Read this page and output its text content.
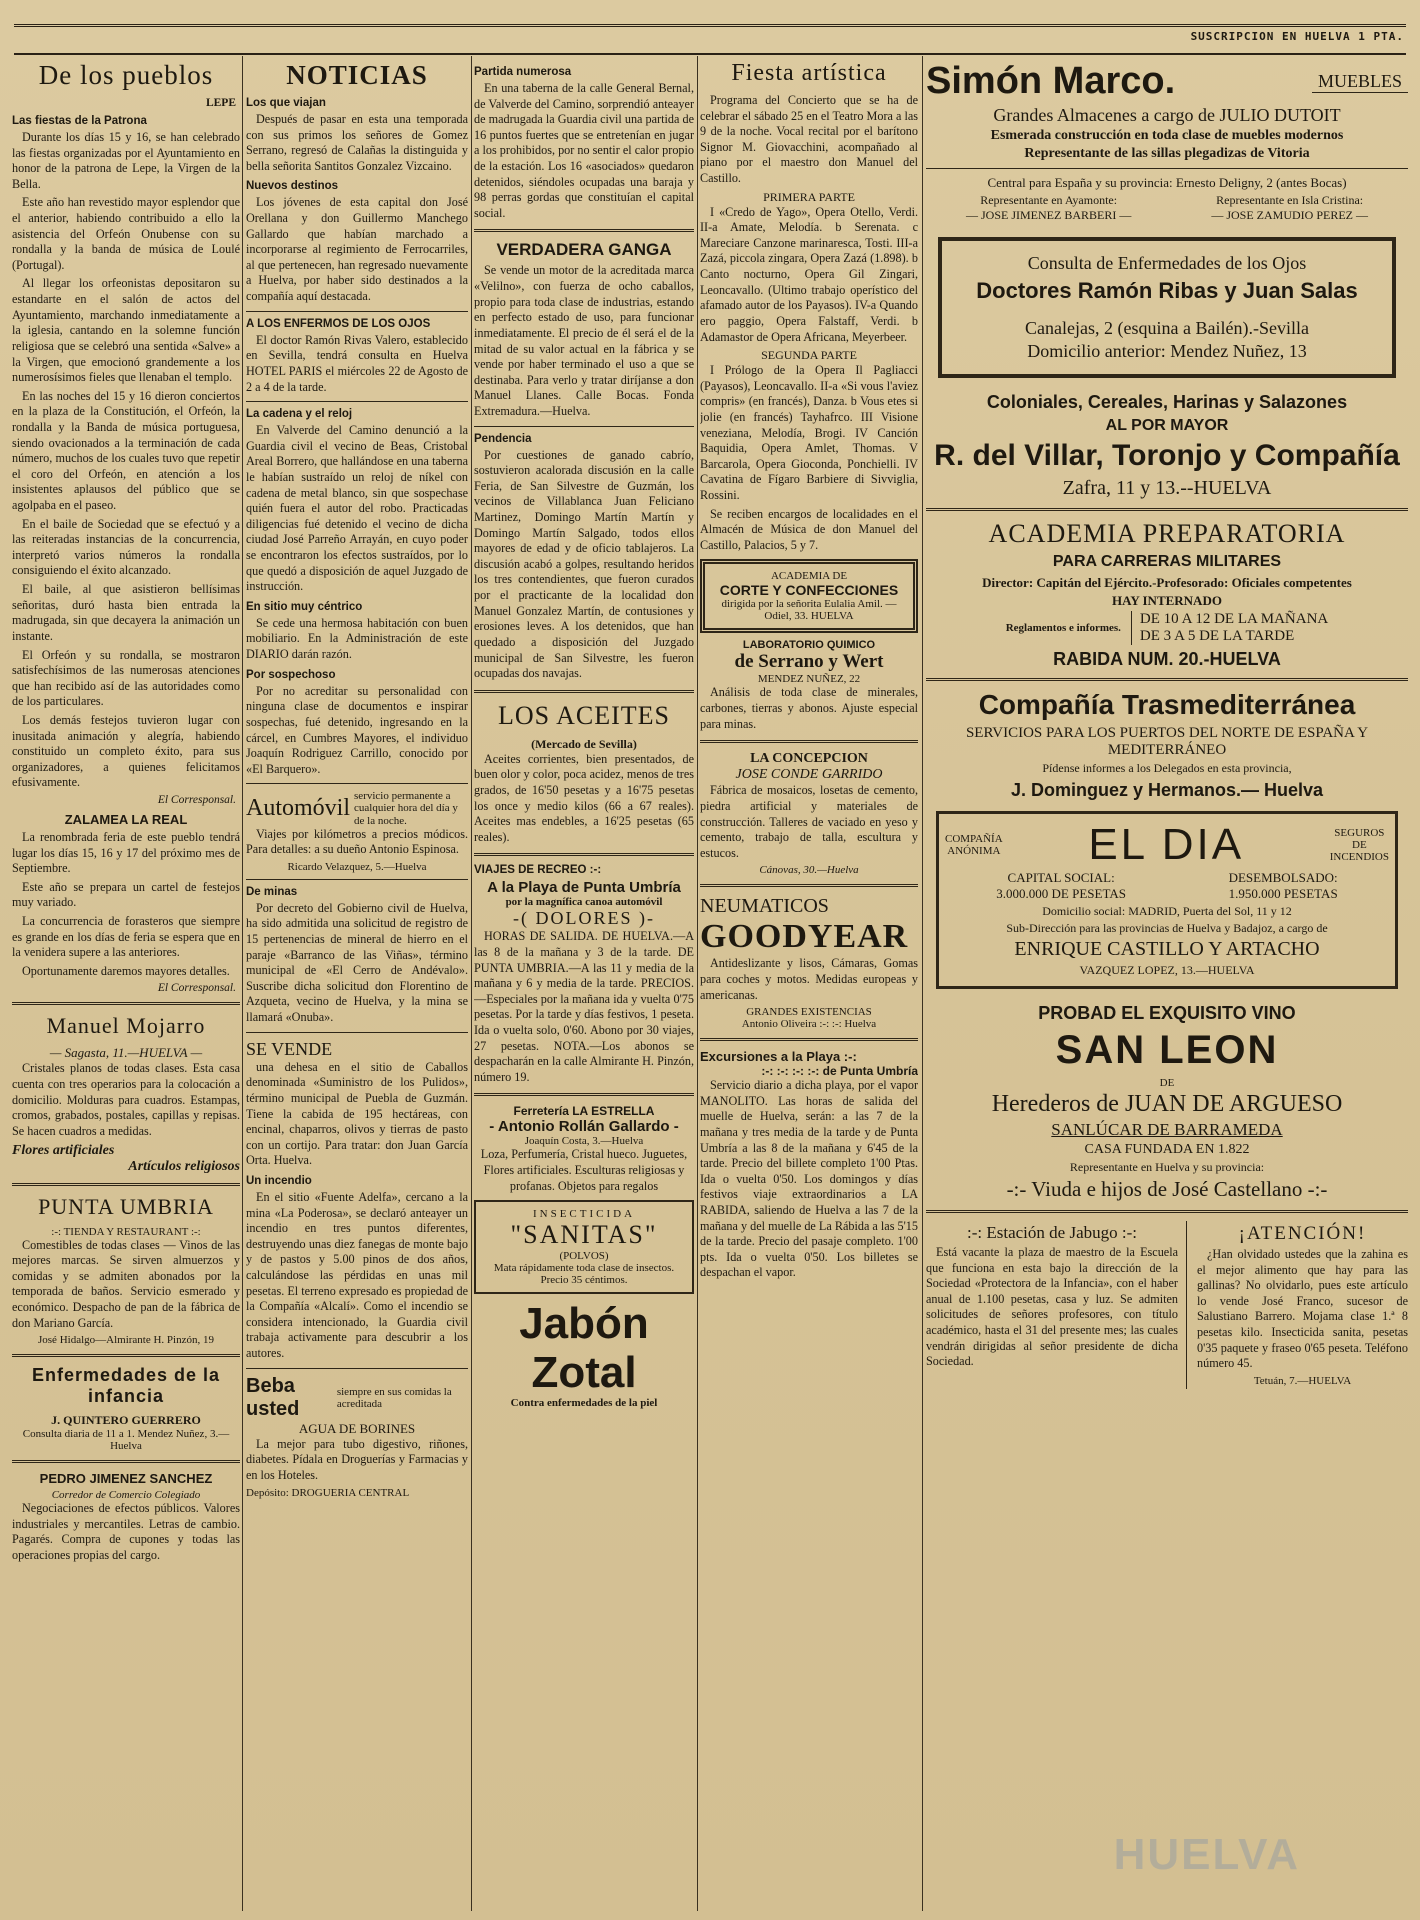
SUSCRIPCION EN HUELVA 1 PTA.
De los pueblos
LEPE
Las fiestas de la Patrona

Durante los días 15 y 16, se han celebrado las fiestas organizadas por el Ayuntamiento en honor de la patrona de Lepe, la Virgen de la Bella.

Este año han revestido mayor esplendor que el anterior, habiendo contribuido a ello la asistencia del Orfeón Onubense con su rondalla y la banda de música de Loulé (Portugal).

Al llegar los orfeonistas depositaron su estandarte en el salón de actos del Ayuntamiento, marchando inmediatamente a la iglesia, cantando en la solemne función religiosa que se celebró una sentida «Salve» a la Virgen, que emocionó grandemente a los numerosísimos fieles que llenaban el templo.

En las noches del 15 y 16 dieron conciertos en la plaza de la Constitución, el Orfeón, la rondalla y la Banda de música portuguesa, siendo ovacionados a la terminación de cada número, muchos de los cuales tuvo que repetir el coro del Orfeón, en atención a los insistentes aplausos del público que se agolpaba en el paseo.

En el baile de Sociedad que se efectuó y a las reiteradas instancias de la concurrencia, interpretó varios números la rondalla consiguiendo el éxito alcanzado.

El baile, al que asistieron bellísimas señoritas, duró hasta bien entrada la madrugada, sin que decayera la animación un instante.

El Orfeón y su rondalla, se mostraron satisfechísimos de las numerosas atenciones que han recibido así de las autoridades como de los particulares.

Los demás festejos tuvieron lugar con inusitada animación y alegría, habiendo constituido un completo éxito, para sus organizadores, a quienes felicitamos efusivamente.

El Corresponsal.
ZALAMEA LA REAL

La renombrada feria de este pueblo tendrá lugar los días 15, 16 y 17 del próximo mes de Septiembre.

Este año se prepara un cartel de festejos muy variado.

La concurrencia de forasteros que siempre es grande en los días de feria se espera que en la venidera supere a las anteriores.

Oportunamente daremos mayores detalles.

El Corresponsal.
Manuel Mojarro
— Sagasta, 11.—HUELVA —

Cristales planos de todas clases. Esta casa cuenta con tres operarios para la colocación a domicilio. Molduras para cuadros. Estampas, cromos, grabados, postales, capillas y repisas. Se hacen cuadros a medidas.

Flores artificiales
Artículos religiosos
PUNTA UMBRIA
:-: TIENDA Y RESTAURANT :-:

Comestibles de todas clases — Vinos de las mejores marcas. Se sirven almuerzos y comidas y se admiten abonados por la temporada de baños. Servicio esmerado y económico. Despacho de pan de la fábrica de don Mariano García.

José Hidalgo—Almirante H. Pinzón, 19
Enfermedades de la infancia
J. QUINTERO GUERRERO
Consulta diaria de 11 a 1. Mendez Nuñez, 3.—Huelva
PEDRO JIMENEZ SANCHEZ
Corredor de Comercio Colegiado

Negociaciones de efectos públicos. Valores industriales y mercantiles. Letras de cambio. Pagarés. Compra de cupones y todas las operaciones propias del cargo.

NOTICIAS
Los que viajan

Después de pasar en esta una temporada con sus primos los señores de Gomez Serrano, regresó de Calañas la distinguida y bella señorita Santitos Gonzalez Vizcaino.

Nuevos destinos

Los jóvenes de esta capital don José Orellana y don Guillermo Manchego Gallardo que habían marchado a incorporarse al regimiento de Ferrocarriles, al que pertenecen, han regresado nuevamente a Huelva, por haber sido destinados a la compañía aquí destacada.

A LOS ENFERMOS DE LOS OJOS

El doctor Ramón Rivas Valero, establecido en Sevilla, tendrá consulta en Huelva HOTEL PARIS el miércoles 22 de Agosto de 2 a 4 de la tarde.

La cadena y el reloj

En Valverde del Camino denunció a la Guardia civil el vecino de Beas, Cristobal Areal Borrero, que hallándose en una taberna le habían sustraído un reloj de níkel con cadena de metal blanco, sin que sospechase quién fuera el autor del robo. Practicadas diligencias fué detenido el vecino de dicha ciudad José Parreño Arrayán, en cuyo poder se encontraron los efectos sustraídos, por lo que quedó a disposición de aquel Juzgado de instrucción.

En sitio muy céntrico

Se cede una hermosa habitación con buen mobiliario. En la Administración de este DIARIO darán razón.

Por sospechoso

Por no acreditar su personalidad con ninguna clase de documentos e inspirar sospechas, fué detenido, ingresando en la cárcel, en Cumbres Mayores, el individuo Joaquín Rodriguez Carrillo, conocido por «El Barquero».

Automóvil servicio permanente a cualquier hora del día y de la noche.

Viajes por kilómetros a precios módicos. Para detalles: a su dueño Antonio Espinosa.

Ricardo Velazquez, 5.—Huelva
De minas

Por decreto del Gobierno civil de Huelva, ha sido admitida una solicitud de registro de 15 pertenencias de mineral de hierro en el paraje «Barranco de las Viñas», término municipal de «El Cerro de Andévalo». Suscribe dicha solicitud don Florentino de Azqueta, vecino de Huelva, y la mina se llamará «Onuba».

SE VENDE

una dehesa en el sitio de Caballos denominada «Suministro de los Pulidos», término municipal de Puebla de Guzmán. Tiene la cabida de 195 hectáreas, con encinal, chaparros, olivos y tierras de pasto con un cortijo. Para tratar: don Juan García Orta. Huelva.

Un incendio

En el sitio «Fuente Adelfa», cercano a la mina «La Poderosa», se declaró anteayer un incendio en tres puntos diferentes, destruyendo unas diez fanegas de monte bajo y de pastos y 5.00 pinos de dos años, calculándose las pérdidas en unas mil pesetas. El terreno expresado es propiedad de la Compañía «Alcalí». Como el incendio se considera intencionado, la Guardia civil trabaja activamente para descubrir a los autores.

Beba usted
siempre en sus comidas la acreditada
AGUA DE BORINES

La mejor para tubo digestivo, riñones, diabetes. Pídala en Droguerías y Farmacias y en los Hoteles.

Depósito: DROGUERIA CENTRAL
Partida numerosa

En una taberna de la calle General Bernal, de Valverde del Camino, sorprendió anteayer de madrugada la Guardia civil una partida de 16 puntos fuertes que se entretenían en jugar a los prohibidos, por no sentir el calor propio de la estación. Los 16 «asociados» quedaron detenidos, siéndoles ocupadas una baraja y 98 perras gordas que constituían el capital social.

VERDADERA GANGA

Se vende un motor de la acreditada marca «Velilno», con fuerza de ocho caballos, propio para toda clase de industrias, estando en perfecto estado de uso, para funcionar inmediatamente. El precio de él será el de la mitad de su valor actual en la fábrica y se vende por haber terminado el uso a que se destinaba. Para verlo y tratar diríjanse a don Manuel Llanes. Calle Bocas. Fonda Extremadura.—Huelva.

Pendencia

Por cuestiones de ganado cabrío, sostuvieron acalorada discusión en la calle Feria, de San Silvestre de Guzmán, los vecinos de Villablanca Juan Feliciano Martinez, Domingo Martín Martín y Domingo Martín Salgado, todos ellos mayores de edad y de oficio tablajeros. La discusión acabó a golpes, resultando heridos los tres contendientes, que fueron curados por el practicante de la localidad don Manuel Gonzalez Martín, de contusiones y erosiones leves. A los detenidos, que han quedado a disposición del Juzgado municipal de San Silvestre, les fueron ocupadas dos navajas.

LOS ACEITES
(Mercado de Sevilla)

Aceites corrientes, bien presentados, de buen olor y color, poca acidez, menos de tres grados, de 16'50 pesetas y a 16'75 pesetas los once y medio kilos (66 a 67 reales). Aceites mas endebles, a 16'25 pesetas (65 reales).

VIAJES DE RECREO :-:
A la Playa de Punta Umbría
por la magnífica canoa automóvil
-( DOLORES )-

HORAS DE SALIDA. DE HUELVA.—A las 8 de la mañana y 3 de la tarde. DE PUNTA UMBRIA.—A las 11 y media de la mañana y 6 y media de la tarde. PRECIOS.—Especiales por la mañana ida y vuelta 0'75 pesetas. Por la tarde y días festivos, 1 peseta. Ida o vuelta solo, 0'60. Abono por 30 viajes, 27 pesetas. NOTA.—Los abonos se despacharán en la calle Almirante H. Pinzón, número 19.

Ferretería LA ESTRELLA
- Antonio Rollán Gallardo -
Joaquín Costa, 3.—Huelva

Loza, Perfumería, Cristal hueco. Juguetes, Flores artificiales. Esculturas religiosas y profanas. Objetos para regalos

INSECTICIDA
"SANITAS"
(POLVOS)
Mata rápidamente toda clase de insectos. Precio 35 céntimos.
Jabón Zotal
Contra enfermedades de la piel
Fiesta artística

Programa del Concierto que se ha de celebrar el sábado 25 en el Teatro Mora a las 9 de la noche. Vocal recital por el barítono Signor M. Giovacchini, acompañado al piano por el maestro don Manuel del Castillo.

PRIMERA PARTE

I «Credo de Yago», Opera Otello, Verdi. II-a Amate, Melodía. b Serenata. c Mareciare Canzone marinaresca, Tosti. III-a Zazá, piccola zingara, Opera Zazá (1.898). b Canto nocturno, Opera Gil Zingari, Leoncavallo. (Ultimo trabajo operístico del afamado autor de los Payasos). IV-a Quando ero paggio, Opera Falstaff, Verdi. b Adamastor de Opera Africana, Meyerbeer.

SEGUNDA PARTE

I Prólogo de la Opera Il Pagliacci (Payasos), Leoncavallo. II-a «Si vous l'aviez compris» (en francés), Danza. b Vous etes si jolie (en francés) Tayhafrco. III Visione veneziana, Melodía, Brogi. IV Canción Baquidia, Opera Amlet, Thomas. V Barcarola, Opera Gioconda, Ponchielli. IV Cavatina de Fígaro Barbiere di Sivviglia, Rossini.

Se reciben encargos de localidades en el Almacén de Música de don Manuel del Castillo, Palacios, 5 y 7.

ACADEMIA DE
CORTE Y CONFECCIONES
dirigida por la señorita Eulalia Amil. — Odiel, 33. HUELVA
LABORATORIO QUIMICO
de Serrano y Wert
MENDEZ NUÑEZ, 22

Análisis de toda clase de minerales, carbones, tierras y abonos. Ajuste especial para minas.

LA CONCEPCION
JOSE CONDE GARRIDO

Fábrica de mosaicos, losetas de cemento, piedra artificial y materiales de construcción. Talleres de vaciado en yeso y cemento, trabajo de talla, escultura y estucos.

Cánovas, 30.—Huelva
NEUMATICOS
GOODYEAR

Antideslizante y lisos, Cámaras, Gomas para coches y motos. Medidas europeas y americanas.

GRANDES EXISTENCIAS
Antonio Oliveira :-: :-: Huelva
Excursiones a la Playa :-:
:-: :-: :-: :-: de Punta Umbría

Servicio diario a dicha playa, por el vapor MANOLITO. Las horas de salida del muelle de Huelva, serán: a las 7 de la mañana y tres media de la tarde y de Punta Umbría a las 8 de la mañana y 6'45 de la tarde. Precio del billete completo 1'00 Ptas. Ida o vuelta 0'50. Los domingos y días festivos viaje extraordinarios a LA RABIDA, saliendo de Huelva a las 7 de la mañana y del muelle de La Rábida a las 5'15 de la tarde. Precio del pasaje completo. 1'00 pts. Ida o vuelta 0'50. Los billetes se despachan el vapor.

Simón Marco.	MUEBLES
Grandes Almacenes a cargo de JULIO DUTOIT
Esmerada construcción en toda clase de muebles modernos
Representante de las sillas plegadizas de Vitoria
Central para España y su provincia: Ernesto Deligny, 2 (antes Bocas)
Representante en Ayamonte:
— JOSE JIMENEZ BARBERI —
Representante en Isla Cristina:
— JOSE ZAMUDIO PEREZ —
Consulta de Enfermedades de los Ojos
Doctores Ramón Ribas y Juan Salas
Canalejas, 2 (esquina a Bailén).-Sevilla
Domicilio anterior: Mendez Nuñez, 13
Coloniales, Cereales, Harinas y Salazones
AL POR MAYOR
R. del Villar, Toronjo y Compañía
Zafra, 11 y 13.--HUELVA
ACADEMIA PREPARATORIA
PARA CARRERAS MILITARES
Director: Capitán del Ejército.-Profesorado: Oficiales competentes
HAY INTERNADO
Reglamentos e informes.
DE 10 A 12 DE LA MAÑANA
DE 3 A 5 DE LA TARDE
RABIDA NUM. 20.-HUELVA
Compañía Trasmediterránea
SERVICIOS PARA LOS PUERTOS DEL NORTE DE ESPAÑA Y MEDITERRÁNEO
Pídense informes a los Delegados en esta provincia,
J. Dominguez y Hermanos.— Huelva
COMPAÑÍA
ANÓNIMA EL DIA	SEGUROS
DE
INCENDIOS
CAPITAL SOCIAL:
3.000.000 DE PESETAS
DESEMBOLSADO:
1.950.000 PESETAS
Domicilio social: MADRID, Puerta del Sol, 11 y 12
Sub-Dirección para las provincias de Huelva y Badajoz, a cargo de
ENRIQUE CASTILLO Y ARTACHO
VAZQUEZ LOPEZ, 13.—HUELVA
PROBAD EL EXQUISITO VINO
SAN LEON
DE
Herederos de JUAN DE ARGUESO
SANLÚCAR DE BARRAMEDA
CASA FUNDADA EN 1.822
Representante en Huelva y su provincia:
-:- Viuda e hijos de José Castellano -:-
:-: Estación de Jabugo :-:

Está vacante la plaza de maestro de la Escuela que funciona en esta bajo la dirección de la Sociedad «Protectora de la Infancia», con el haber anual de 1.100 pesetas, casa y luz. Se admiten solicitudes de señores profesores, con título académico, hasta el 31 del presente mes; las cuales vendrán dirigidas al señor presidente de dicha Sociedad.

¡ATENCIÓN!

¿Han olvidado ustedes que la zahina es el mejor alimento que hay para las gallinas? No olvidarlo, pues este artículo lo vende José Franco, sucesor de Salustiano Barrero. Mojama clase 1.ª 8 pesetas kilo. Insecticida sanita, pesetas 0'35 paquete y fraseo 0'65 peseta. Teléfono número 45.

Tetuán, 7.—HUELVA
HUELVA
